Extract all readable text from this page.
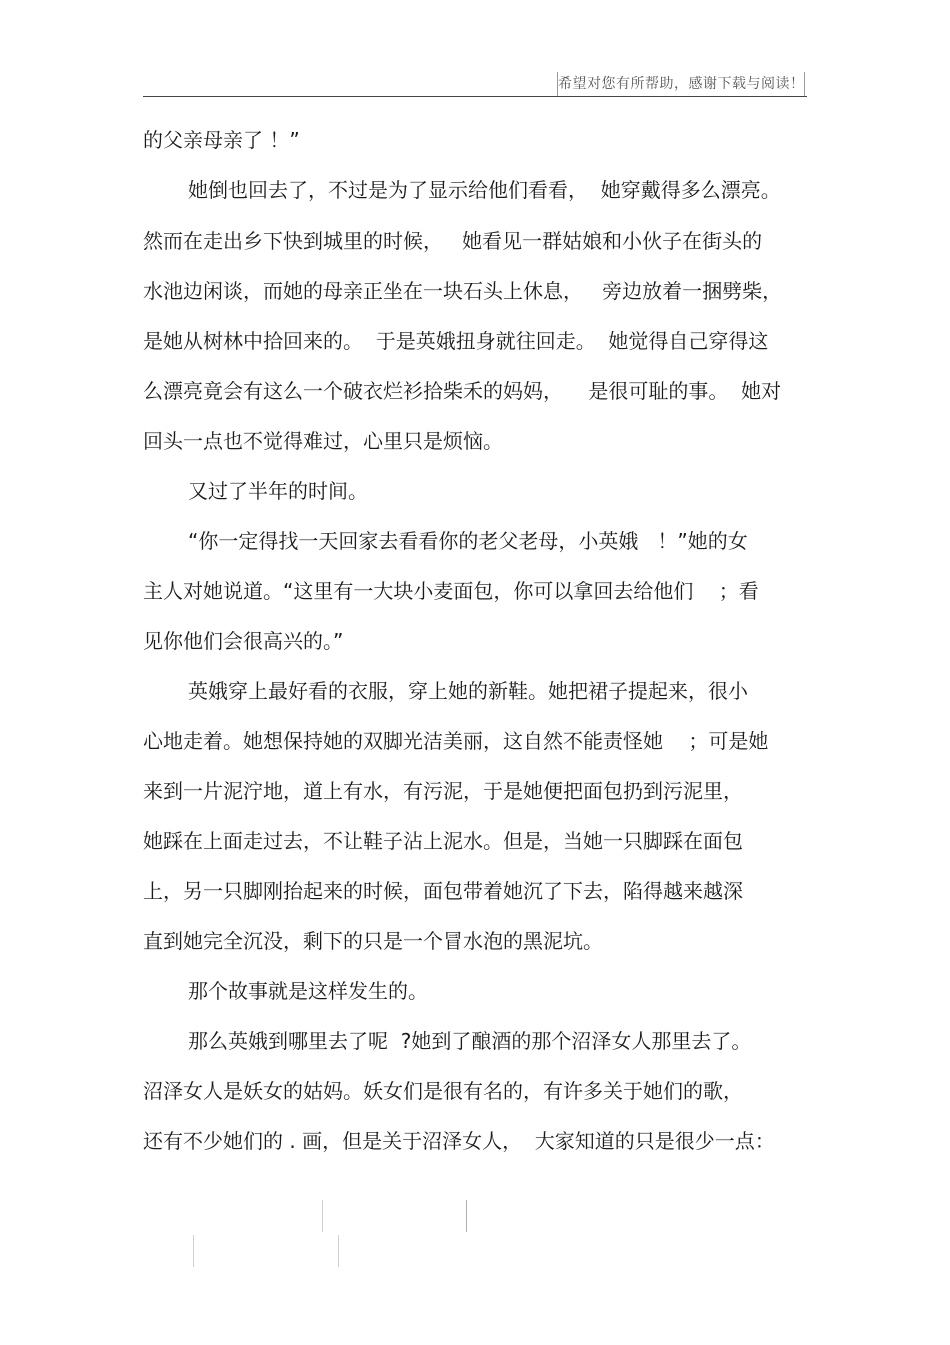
希望对您有所帮助，感谢下载与阅读！
的父亲母亲了 ！”
她倒也回去了，不过是为了显示给他们看看，  她穿戴得多么漂亮。
然而在走出乡下快到城里的时候，   她看见一群姑娘和小伙子在街头的
水池边闲谈，而她的母亲正坐在一块石头上休息，   旁边放着一捆劈柴，
是她从树林中拾回来的。  于是英娥扭身就往回走。  她觉得自己穿得这
么漂亮竟会有这么一个破衣烂衫拾柴禾的妈妈，    是很可耻的事。  她对
回头一点也不觉得难过，心里只是烦恼。
又过了半年的时间。
“你一定得找一天回家去看看你的老父老母，小英娥   ！”她的女
主人对她说道。“这里有一大块小麦面包，你可以拿回去给他们    ；看
见你他们会很高兴的。”
英娥穿上最好看的衣服，穿上她的新鞋。她把裙子提起来，很小
心地走着。她想保持她的双脚光洁美丽，这自然不能责怪她    ；可是她
来到一片泥泞地，道上有水，有污泥，于是她便把面包扔到污泥里，
她踩在上面走过去，不让鞋子沾上泥水。但是，当她一只脚踩在面包
上，另一只脚刚抬起来的时候，面包带着她沉了下去，陷得越来越深
直到她完全沉没，剩下的只是一个冒水泡的黑泥坑。
那个故事就是这样发生的。
那么英娥到哪里去了呢  ?她到了酿酒的那个沼泽女人那里去了。
沼泽女人是妖女的姑妈。妖女们是很有名的，有许多关于她们的歌，
还有不少她们的 . 画，但是关于沼泽女人，  大家知道的只是很少一点：
